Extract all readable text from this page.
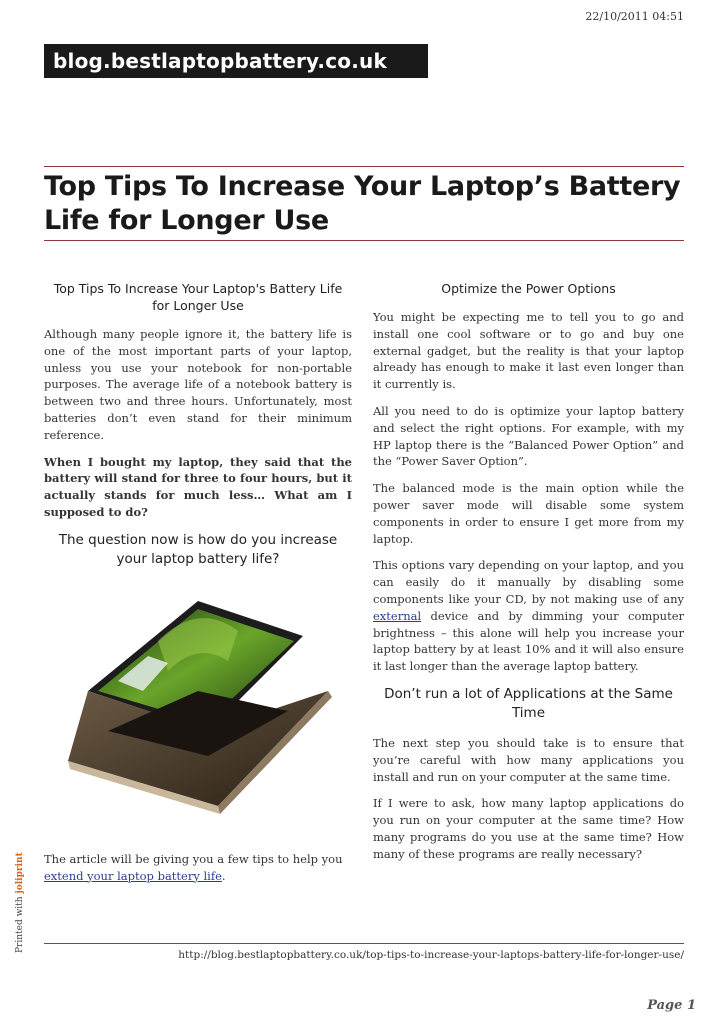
22/10/2011 04:51
blog.bestlaptopbattery.co.uk
Top Tips To Increase Your Laptop’s Battery Life for Longer Use
Top Tips To Increase Your Laptop's Battery Life for Longer Use

Although many people ignore it, the battery life is one of the most important parts of your laptop, unless you use your notebook for non-portable purposes. The average life of a notebook battery is between two and three hours. Unfortunately, most batteries don’t even stand for their minimum reference.

When I bought my laptop, they said that the battery will stand for three to four hours, but it actually stands for much less… What am I supposed to do?

The question now is how do you increase your laptop battery life?

The article will be giving you a few tips to help you extend your laptop battery life.

Optimize the Power Options

You might be expecting me to tell you to go and install one cool software or to go and buy one external gadget, but the reality is that your laptop already has enough to make it last even longer than it currently is.

All you need to do is optimize your laptop battery and select the right options. For example, with my HP laptop there is the “Balanced Power Option” and the “Power Saver Option”.

The balanced mode is the main option while the power saver mode will disable some system components in order to ensure I get more from my laptop.

This options vary depending on your laptop, and you can easily do it manually by disabling some components like your CD, by not making use of any external device and by dimming your computer brightness – this alone will help you increase your laptop battery by at least 10% and it will also ensure it last longer than the average laptop battery.

Don’t run a lot of Applications at the Same Time

The next step you should take is to ensure that you’re careful with how many applications you install and run on your computer at the same time.

If I were to ask, how many laptop applications do you run on your computer at the same time? How many programs do you use at the same time? How many of these programs are really necessary?

Printed with joliprint
http://blog.bestlaptopbattery.co.uk/top-tips-to-increase-your-laptops-battery-life-for-longer-use/
Page 1
